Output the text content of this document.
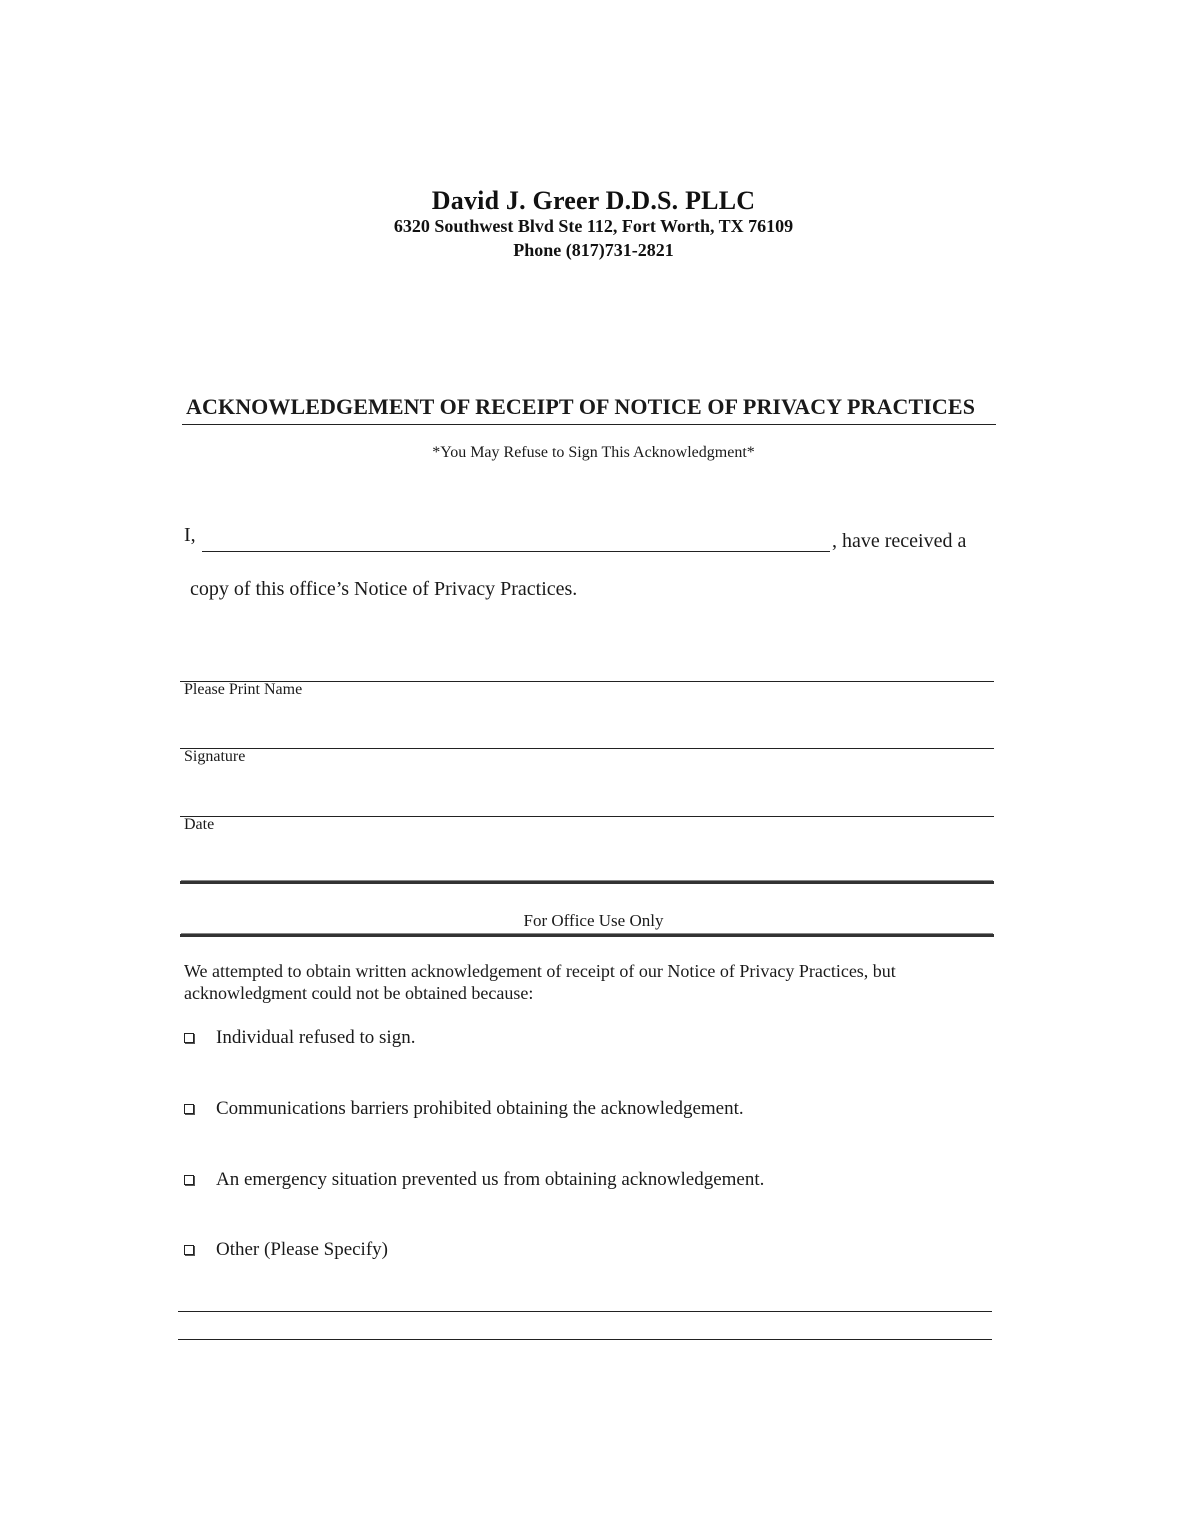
David J. Greer D.D.S. PLLC
6320 Southwest Blvd Ste 112, Fort Worth, TX 76109
Phone (817)731-2821
ACKNOWLEDGEMENT OF RECEIPT OF NOTICE OF PRIVACY PRACTICES
*You May Refuse to Sign This Acknowledgment*
I,	, have received a
copy of this office’s Notice of Privacy Practices.
Please Print Name
Signature
Date
For Office Use Only
We attempted to obtain written acknowledgement of receipt of our Notice of Privacy Practices, but acknowledgment could not be obtained because:
Individual refused to sign.
Communications barriers prohibited obtaining the acknowledgement.
An emergency situation prevented us from obtaining acknowledgement.
Other (Please Specify)
